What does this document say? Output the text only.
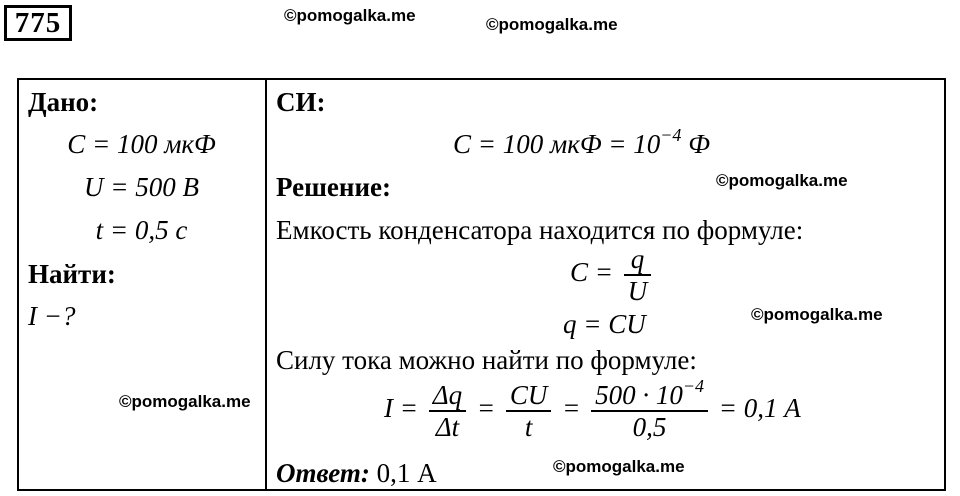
775	©pomogalka.me	©pomogalka.me
©pomogalka.me
©pomogalka.me
©pomogalka.me
©pomogalka.me
Дано:
C = 100 мкФ
U = 500 В
t = 0,5 с
Найти:
I −?
СИ:
C = 100 мкФ = $10^{-4}$ Ф
Решение:
Емкость конденсатора находится по формуле:
$C = \frac{q}{U}$
q = CU
Силу тока можно найти по формуле:
$I = \frac{\Delta q}{\Delta t} = \frac{CU}{t} = \frac{500 \cdot 10^{-4}}{0,5} = 0,1$ А
Ответ: 0,1 А
